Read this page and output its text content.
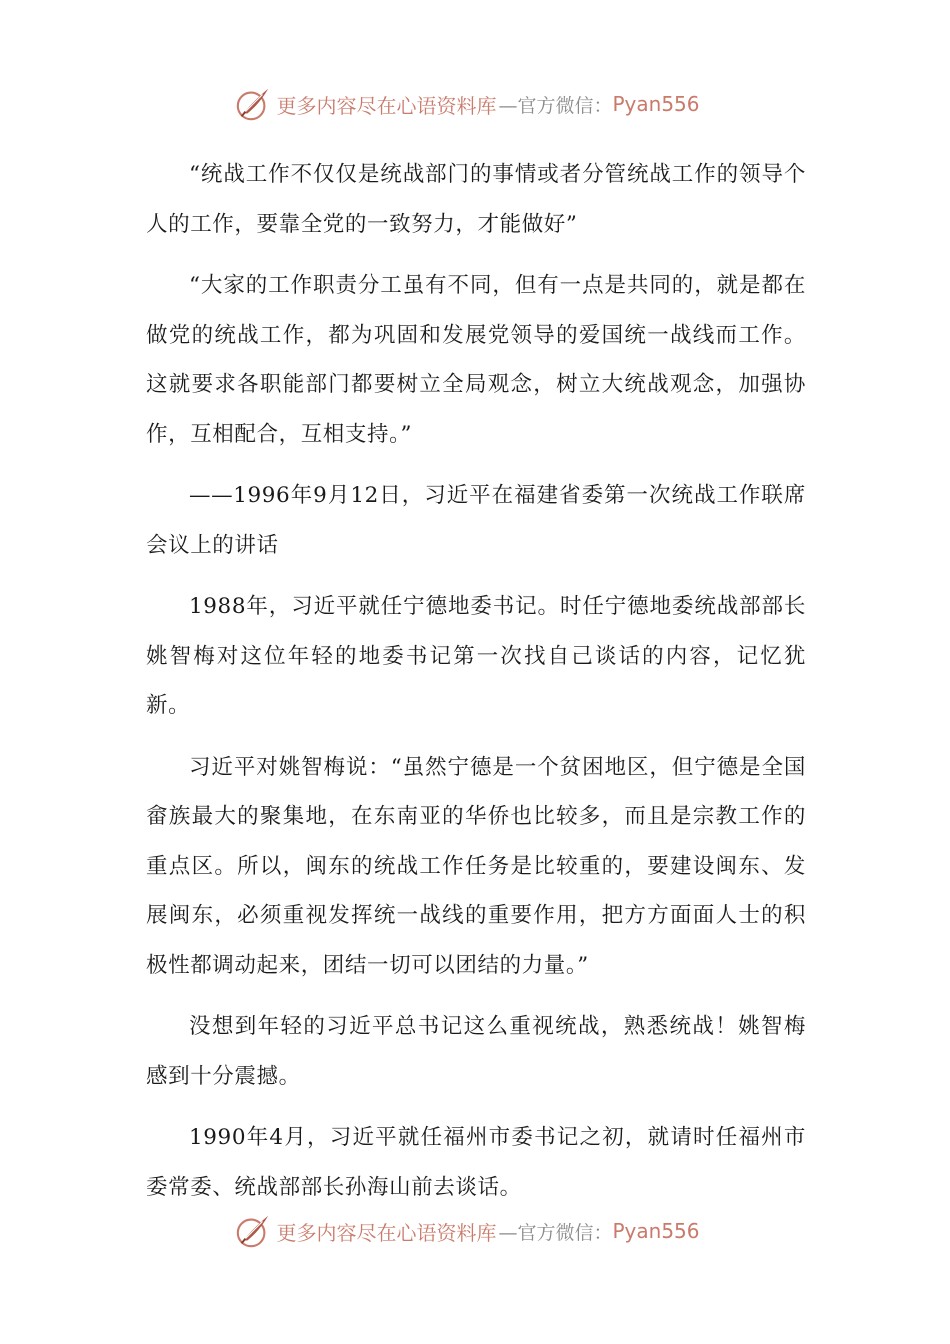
更多内容尽在心语资料库 —官方微信： Pyan556

“统战工作不仅仅是统战部门的事情或者分管统战工作的领导个人的工作，要靠全党的一致努力，才能做好”

“大家的工作职责分工虽有不同，但有一点是共同的，就是都在做党的统战工作，都为巩固和发展党领导的爱国统一战线而工作。这就要求各职能部门都要树立全局观念，树立大统战观念，加强协作，互相配合，互相支持。”

——1996年9月12日，习近平在福建省委第一次统战工作联席会议上的讲话

1988年，习近平就任宁德地委书记。时任宁德地委统战部部长姚智梅对这位年轻的地委书记第一次找自己谈话的内容，记忆犹新。

习近平对姚智梅说：“虽然宁德是一个贫困地区，但宁德是全国畲族最大的聚集地，在东南亚的华侨也比较多，而且是宗教工作的重点区。所以，闽东的统战工作任务是比较重的，要建设闽东、发展闽东，必须重视发挥统一战线的重要作用，把方方面面人士的积极性都调动起来，团结一切可以团结的力量。”

没想到年轻的习近平总书记这么重视统战，熟悉统战！姚智梅感到十分震撼。

1990年4月，习近平就任福州市委书记之初，就请时任福州市委常委、统战部部长孙海山前去谈话。

更多内容尽在心语资料库 —官方微信： Pyan556
